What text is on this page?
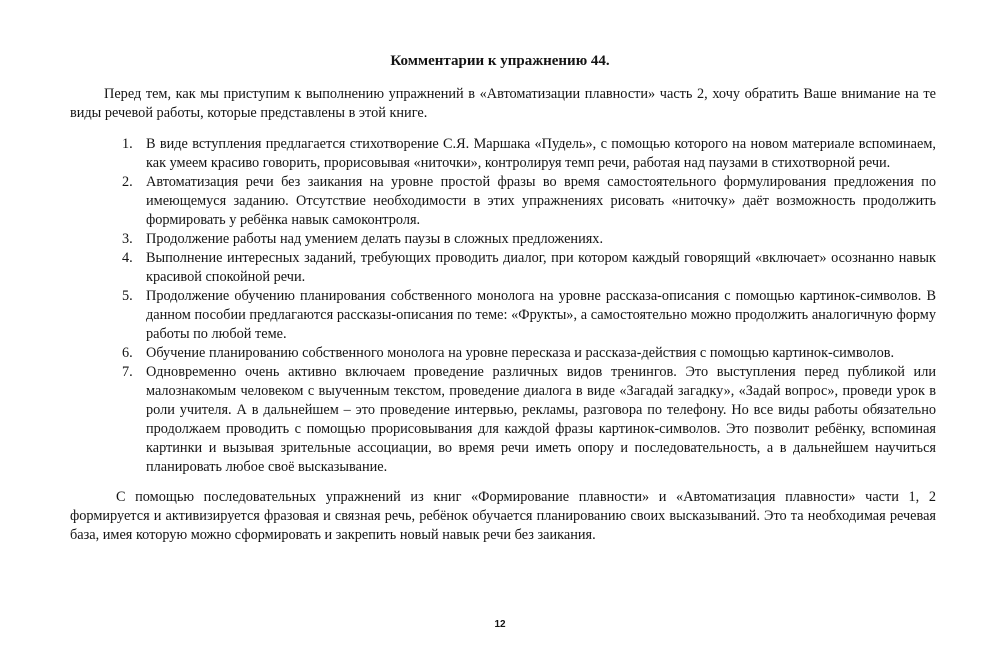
Комментарии к упражнению 44.

Перед тем, как мы приступим к выполнению упражнений в «Автоматизации плавности» часть 2, хочу обратить Ваше внимание на те виды речевой работы, которые представлены в этой книге.

1. В виде вступления предлагается стихотворение С.Я. Маршака «Пудель», с помощью которого на новом материале вспоминаем, как умеем красиво говорить, прорисовывая «ниточки», контролируя темп речи, работая над паузами в стихотворной речи.
2. Автоматизация речи без заикания на уровне простой фразы во время самостоятельного формулирования предложения по имеющемуся заданию. Отсутствие необходимости в этих упражнениях рисовать «ниточку» даёт возможность продолжить формировать у ребёнка навык самоконтроля.
3. Продолжение работы над умением делать паузы в сложных предложениях.
4. Выполнение интересных заданий, требующих проводить диалог, при котором каждый говорящий «включает» осознанно навык красивой спокойной речи.
5. Продолжение обучению планирования собственного монолога на уровне рассказа-описания с помощью картинок-символов. В данном пособии предлагаются рассказы-описания по теме: «Фрукты», а самостоятельно можно продолжить аналогичную форму работы по любой теме.
6. Обучение планированию собственного монолога на уровне пересказа и рассказа-действия с помощью картинок-символов.
7. Одновременно очень активно включаем проведение различных видов тренингов. Это выступления перед публикой или малознакомым человеком с выученным текстом, проведение диалога в виде «Загадай загадку», «Задай вопрос», проведи урок в роли учителя. А в дальнейшем – это проведение интервью, рекламы, разговора по телефону. Но все виды работы обязательно продолжаем проводить с помощью прорисовывания для каждой фразы картинок-символов. Это позволит ребёнку, вспоминая картинки и вызывая зрительные ассоциации, во время речи иметь опору и последовательность, а в дальнейшем научиться планировать любое своё высказывание.

С помощью последовательных упражнений из книг «Формирование плавности» и «Автоматизация плавности» части 1, 2 формируется и активизируется фразовая и связная речь, ребёнок обучается планированию своих высказываний. Это та необходимая речевая база, имея которую можно сформировать и закрепить новый навык речи без заикания.

12
